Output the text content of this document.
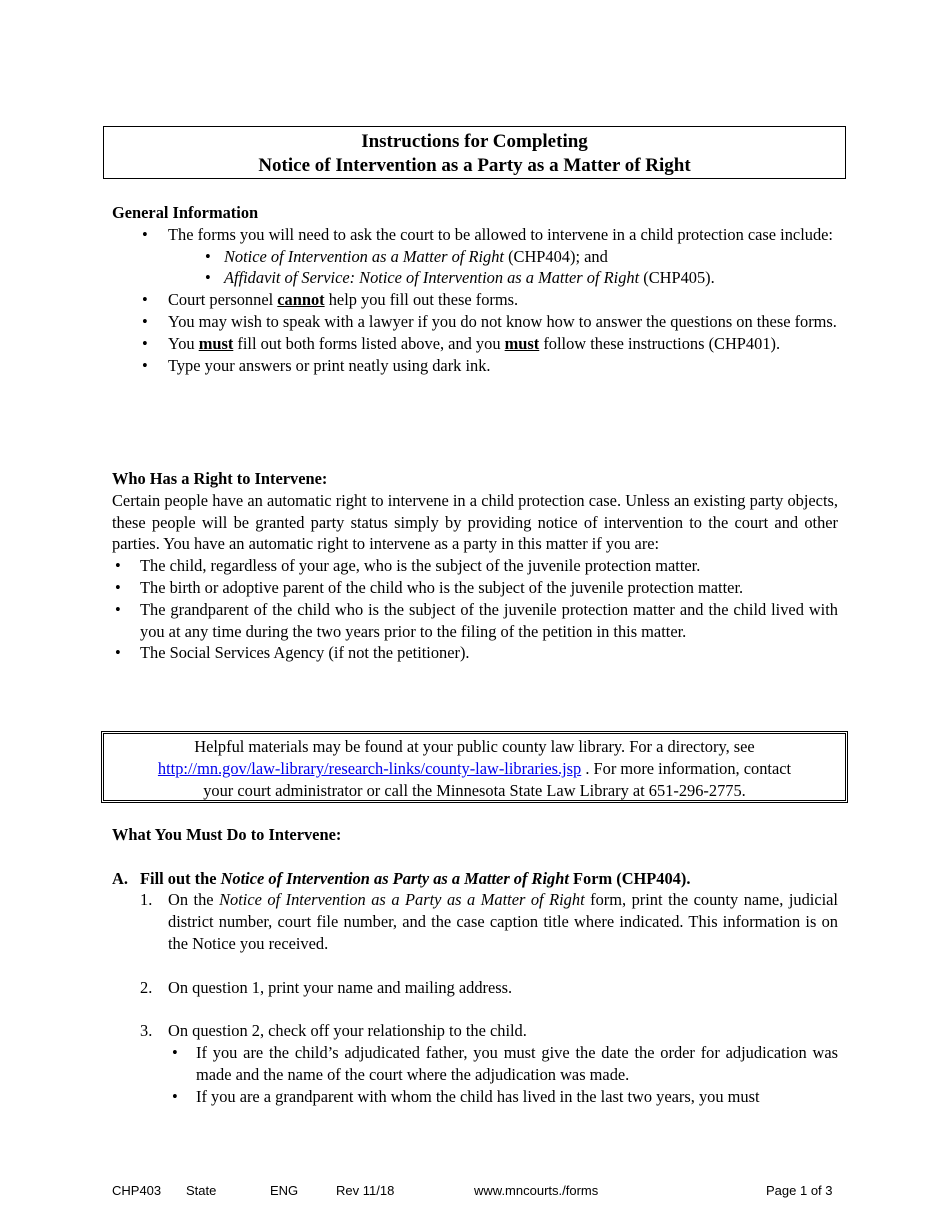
Instructions for Completing
Notice of Intervention as a Party as a Matter of Right
General Information
• The forms you will need to ask the court to be allowed to intervene in a child protection case include:
• Notice of Intervention as a Matter of Right (CHP404); and
• Affidavit of Service: Notice of Intervention as a Matter of Right (CHP405).
• Court personnel cannot help you fill out these forms.
• You may wish to speak with a lawyer if you do not know how to answer the questions on these forms.
• You must fill out both forms listed above, and you must follow these instructions (CHP401).
• Type your answers or print neatly using dark ink.
Who Has a Right to Intervene:
Certain people have an automatic right to intervene in a child protection case. Unless an existing party objects, these people will be granted party status simply by providing notice of intervention to the court and other parties. You have an automatic right to intervene as a party in this matter if you are:
• The child, regardless of your age, who is the subject of the juvenile protection matter.
• The birth or adoptive parent of the child who is the subject of the juvenile protection matter.
• The grandparent of the child who is the subject of the juvenile protection matter and the child lived with you at any time during the two years prior to the filing of the petition in this matter.
• The Social Services Agency (if not the petitioner).
Helpful materials may be found at your public county law library. For a directory, see
http://mn.gov/law-library/research-links/county-law-libraries.jsp . For more information, contact
your court administrator or call the Minnesota State Law Library at 651-296-2775.
What You Must Do to Intervene:
A. Fill out the Notice of Intervention as Party as a Matter of Right Form (CHP404).
1. On the Notice of Intervention as a Party as a Matter of Right form, print the county name, judicial district number, court file number, and the case caption title where indicated. This information is on the Notice you received.
2. On question 1, print your name and mailing address.
3. On question 2, check off your relationship to the child.
• If you are the child’s adjudicated father, you must give the date the order for adjudication was made and the name of the court where the adjudication was made.
• If you are a grandparent with whom the child has lived in the last two years, you must
CHP403 State	ENG	Rev 11/18	www.mncourts./forms	Page 1 of 3
